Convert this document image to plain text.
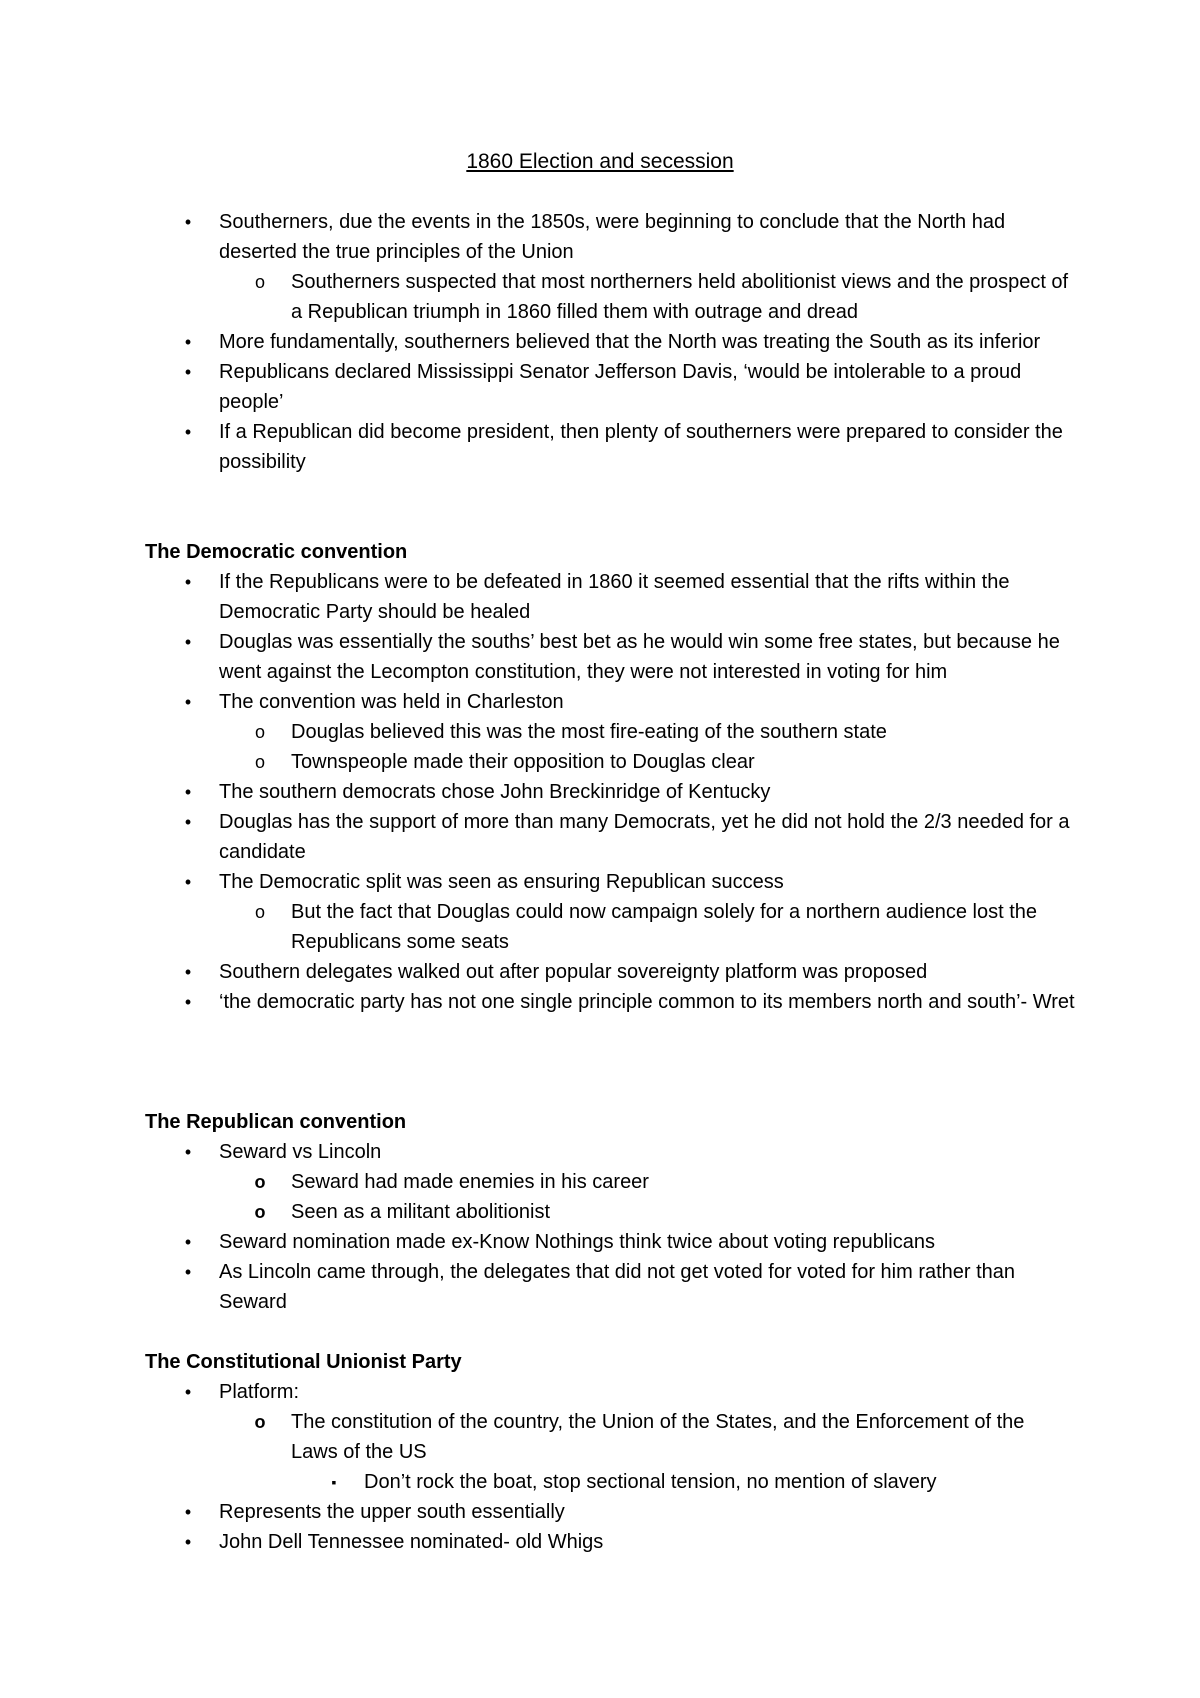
1860 Election and secession
•	Southerners, due the events in the 1850s, were beginning to conclude that the North had deserted the true principles of the Union
o Southerners suspected that most northerners held abolitionist views and the prospect of a Republican triumph in 1860 filled them with outrage and dread
•	More fundamentally, southerners believed that the North was treating the South as its inferior
•	Republicans declared Mississippi Senator Jefferson Davis, ‘would be intolerable to a proud people’
•	If a Republican did become president, then plenty of southerners were prepared to consider the possibility

The Democratic convention

•	If the Republicans were to be defeated in 1860 it seemed essential that the rifts within the Democratic Party should be healed
•	Douglas was essentially the souths’ best bet as he would win some free states, but because he went against the Lecompton constitution, they were not interested in voting for him
•	The convention was held in Charleston
o Douglas believed this was the most fire-eating of the southern state
o Townspeople made their opposition to Douglas clear
•	The southern democrats chose John Breckinridge of Kentucky
•	Douglas has the support of more than many Democrats, yet he did not hold the 2/3 needed for a candidate
•	The Democratic split was seen as ensuring Republican success
o But the fact that Douglas could now campaign solely for a northern audience lost the Republicans some seats
•	Southern delegates walked out after popular sovereignty platform was proposed
•	‘the democratic party has not one single principle common to its members north and south’- Wret

The Republican convention

•	Seward vs Lincoln
o Seward had made enemies in his career
o Seen as a militant abolitionist
•	Seward nomination made ex-Know Nothings think twice about voting republicans
•	As Lincoln came through, the delegates that did not get voted for voted for him rather than Seward

The Constitutional Unionist Party

•	Platform:
o The constitution of the country, the Union of the States, and the Enforcement of the Laws of the US
▪	Don’t rock the boat, stop sectional tension, no mention of slavery
•	Represents the upper south essentially
•	John Dell Tennessee nominated- old Whigs
